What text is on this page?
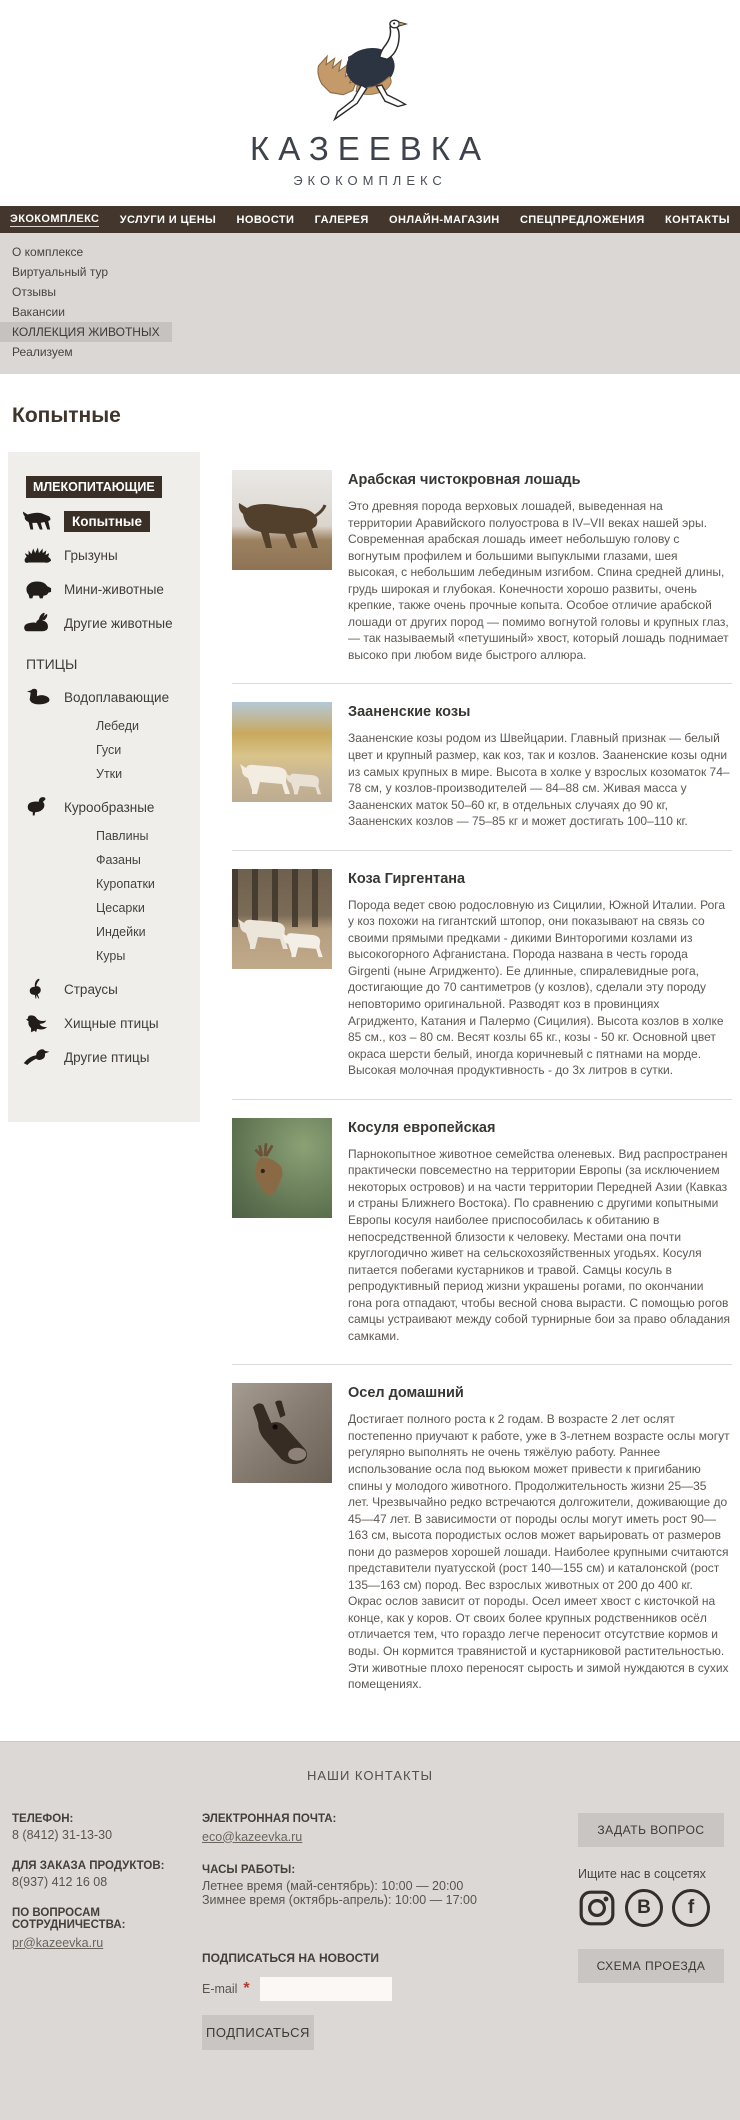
КАЗЕЕВКА
ЭКОКОМПЛЕКС
ЭКОКОМПЛЕКС УСЛУГИ И ЦЕНЫ НОВОСТИ ГАЛЕРЕЯ ОНЛАЙН-МАГАЗИН СПЕЦПРЕДЛОЖЕНИЯ КОНТАКТЫ
О комплексе
Виртуальный тур
Отзывы
Вакансии
КОЛЛЕКЦИЯ ЖИВОТНЫХ
Реализуем
Копытные
МЛЕКОПИТАЮЩИЕ
Копытные
Грызуны
Мини-животные
Другие животные
ПТИЦЫ
Водоплавающие
Лебеди
Гуси
Утки
Курообразные
Павлины
Фазаны
Куропатки
Цесарки
Индейки
Куры
Страусы
Хищные птицы
Другие птицы
Арабская чистокровная лошадь

Это древняя порода верховых лошадей, выведенная на территории Аравийского полуострова в IV–VII веках нашей эры. Современная арабская лошадь имеет небольшую голову с вогнутым профилем и большими выпуклыми глазами, шея высокая, с небольшим лебединым изгибом. Спина средней длины, грудь широкая и глубокая. Конечности хорошо развиты, очень крепкие, также очень прочные копыта. Особое отличие арабской лошади от других пород — помимо вогнутой головы и крупных глаз, — так называемый «петушиный» хвост, который лошадь поднимает высоко при любом виде быстрого аллюра.

Зааненские козы

Зааненские козы родом из Швейцарии. Главный признак — белый цвет и крупный размер, как коз, так и козлов. Зааненские козы одни из самых крупных в мире. Высота в холке у взрослых козоматок 74–78 см, у козлов-производителей — 84–88 см. Живая масса у Зааненских маток 50–60 кг, в отдельных случаях до 90 кг, Зааненских козлов — 75–85 кг и может достигать 100–110 кг.

Коза Гиргентана

Порода ведет свою родословную из Сицилии, Южной Италии. Рога у коз похожи на гигантский штопор, они показывают на связь со своими прямыми предками - дикими Винторогими козлами из высокогорного Афганистана. Порода названа в честь города Girgenti (ныне Агридженто). Ее длинные, спиралевидные рога, достигающие до 70 сантиметров (у козлов), сделали эту породу неповторимо оригинальной. Разводят коз в провинциях Агридженто, Катания и Палермо (Сицилия). Высота козлов в холке 85 см., коз – 80 см. Весят козлы 65 кг., козы - 50 кг. Основной цвет окраса шерсти белый, иногда коричневый с пятнами на морде. Высокая молочная продуктивность - до 3х литров в сутки.

Косуля европейская

Парнокопытное животное семейства оленевых. Вид распространен практически повсеместно на территории Европы (за исключением некоторых островов) и на части территории Передней Азии (Кавказ и страны Ближнего Востока). По сравнению с другими копытными Европы косуля наиболее приспособилась к обитанию в непосредственной близости к человеку. Местами она почти круглогодично живет на сельскохозяйственных угодьях. Косуля питается побегами кустарников и травой. Самцы косуль в репродуктивный период жизни украшены рогами, по окончании гона рога отпадают, чтобы весной снова вырасти. С помощью рогов самцы устраивают между собой турнирные бои за право обладания самками.

Осел домашний

Достигает полного роста к 2 годам. В возрасте 2 лет ослят постепенно приучают к работе, уже в 3-летнем возрасте ослы могут регулярно выполнять не очень тяжёлую работу. Раннее использование осла под вьюком может привести к пригибанию спины у молодого животного. Продолжительность жизни 25—35 лет. Чрезвычайно редко встречаются долгожители, доживающие до 45—47 лет. В зависимости от породы ослы могут иметь рост 90—163 см, высота породистых ослов может варьировать от размеров пони до размеров хорошей лошади. Наиболее крупными считаются представители пуатусской (рост 140—155 см) и каталонской (рост 135—163 см) пород. Вес взрослых животных от 200 до 400 кг. Окрас ослов зависит от породы. Осел имеет хвост с кисточкой на конце, как у коров. От своих более крупных родственников осёл отличается тем, что гораздо легче переносит отсутствие кормов и воды. Он кормится травянистой и кустарниковой растительностью. Эти животные плохо переносят сырость и зимой нуждаются в сухих помещениях.

НАШИ КОНТАКТЫ
ТЕЛЕФОН:
8 (8412) 31-13-30
ДЛЯ ЗАКАЗА ПРОДУКТОВ:
8(937) 412 16 08
ПО ВОПРОСАМ СОТРУДНИЧЕСТВА:
pr@kazeevka.ru
ЭЛЕКТРОННАЯ ПОЧТА:
eco@kazeevka.ru
ЧАСЫ РАБОТЫ:
Летнее время (май-сентябрь): 10:00 — 20:00
Зимнее время (октябрь-апрель): 10:00 — 17:00
ПОДПИСАТЬСЯ НА НОВОСТИ
E-mail *
ПОДПИСАТЬСЯ
ЗАДАТЬ ВОПРОС
Ищите нас в соцсетях
В f
СХЕМА ПРОЕЗДА
